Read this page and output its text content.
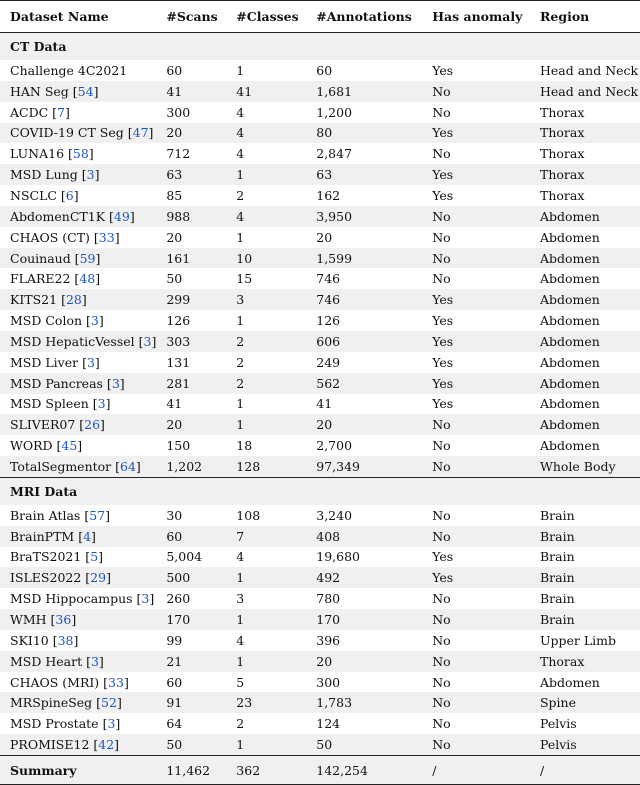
Dataset Name	#Scans	#Classes	#Annotations	Has anomaly	Region
CT Data					
Challenge 4C2021	60	1	60	Yes	Head and Neck
HAN Seg [54]	41	41	1,681	No	Head and Neck
ACDC [7]	300	4	1,200	No	Thorax
COVID-19 CT Seg [47]	20	4	80	Yes	Thorax
LUNA16 [58]	712	4	2,847	No	Thorax
MSD Lung [3]	63	1	63	Yes	Thorax
NSCLC [6]	85	2	162	Yes	Thorax
AbdomenCT1K [49]	988	4	3,950	No	Abdomen
CHAOS (CT) [33]	20	1	20	No	Abdomen
Couinaud [59]	161	10	1,599	No	Abdomen
FLARE22 [48]	50	15	746	No	Abdomen
KITS21 [28]	299	3	746	Yes	Abdomen
MSD Colon [3]	126	1	126	Yes	Abdomen
MSD HepaticVessel [3]	303	2	606	Yes	Abdomen
MSD Liver [3]	131	2	249	Yes	Abdomen
MSD Pancreas [3]	281	2	562	Yes	Abdomen
MSD Spleen [3]	41	1	41	Yes	Abdomen
SLIVER07 [26]	20	1	20	No	Abdomen
WORD [45]	150	18	2,700	No	Abdomen
TotalSegmentor [64]	1,202	128	97,349	No	Whole Body
MRI Data					
Brain Atlas [57]	30	108	3,240	No	Brain
BrainPTM [4]	60	7	408	No	Brain
BraTS2021 [5]	5,004	4	19,680	Yes	Brain
ISLES2022 [29]	500	1	492	Yes	Brain
MSD Hippocampus [3]	260	3	780	No	Brain
WMH [36]	170	1	170	No	Brain
SKI10 [38]	99	4	396	No	Upper Limb
MSD Heart [3]	21	1	20	No	Thorax
CHAOS (MRI) [33]	60	5	300	No	Abdomen
MRSpineSeg [52]	91	23	1,783	No	Spine
MSD Prostate [3]	64	2	124	No	Pelvis
PROMISE12 [42]	50	1	50	No	Pelvis
Summary	11,462	362	142,254	/	/
